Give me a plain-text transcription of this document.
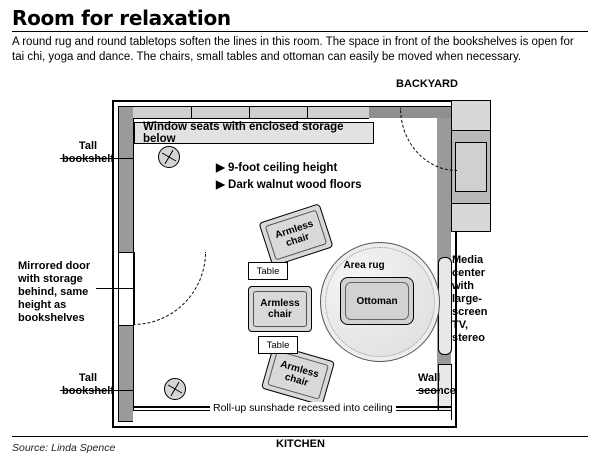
Room for relaxation
A round rug and round tabletops soften the lines in this room. The space in front of the bookshelves is open for tai chi, yoga and dance. The chairs, small tables and ottoman can easily be moved when necessary.
Window seats with enclosed storage below
▶ 9-foot ceiling height
▶ Dark walnut wood floors
Armless chair
Armless chair
Armless chair
Table
Table
Area rug
Ottoman
Roll-up sunshade recessed into ceiling
Tall bookshelf
Tall bookshelf
Mirrored door with storage behind, same height as bookshelves
BACKYARD
KITCHEN
Media center with large-screen TV, stereo
Wall sconce
Source: Linda Spence
